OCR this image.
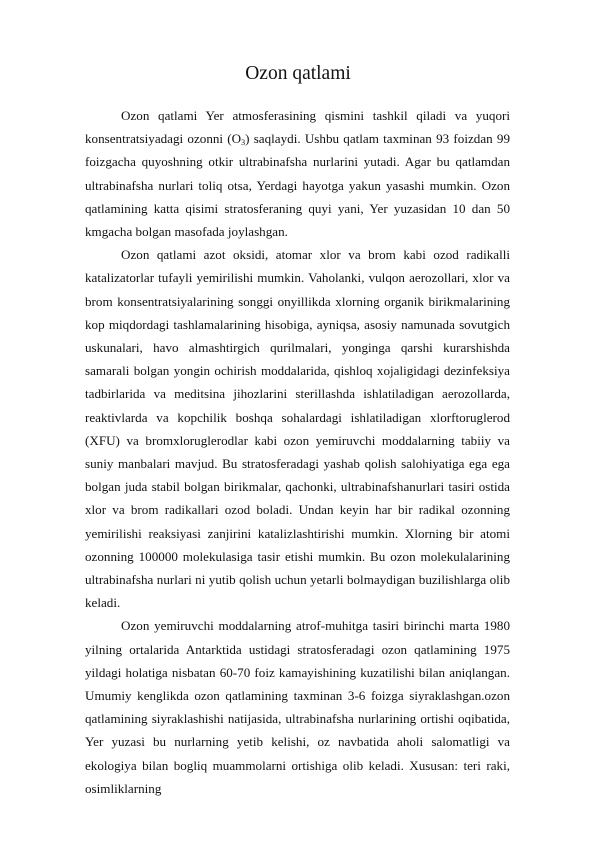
Ozon qatlami

Ozon qatlami Yer atmosferasining qismini tashkil qiladi va yuqori konsentratsiyadagi ozonni $(O_3)$ saqlaydi. Ushbu qatlam taxminan 93 foizdan 99 foizgacha quyoshning otkir ultrabinafsha nurlarini yutadi. Agar bu qatlamdan ultrabinafsha nurlari toliq otsa, Yerdagi hayotga yakun yasashi mumkin. Ozon qatlamining katta qisimi stratosferaning quyi yani, Yer yuzasidan 10 dan 50 kmgacha bolgan masofada joylashgan.

Ozon qatlami azot oksidi, atomar xlor va brom kabi ozod radikalli katalizatorlar tufayli yemirilishi mumkin. Vaholanki, vulqon aerozollari, xlor va brom konsentratsiyalarining songgi onyillikda xlorning organik birikmalarining kop miqdordagi tashlamalarining hisobiga, ayniqsa, asosiy namunada sovutgich uskunalari, havo almashtirgich qurilmalari, yonginga qarshi kurarshishda samarali bolgan yongin ochirish moddalarida, qishloq xojaligidagi dezinfeksiya tadbirlarida va meditsina jihozlarini sterillashda ishlatiladigan aerozollarda, reaktivlarda va kopchilik boshqa sohalardagi ishlatiladigan xlorftoruglerod (XFU) va bromxloruglerodlar kabi ozon yemiruvchi moddalarning tabiiy va suniy manbalari mavjud. Bu stratosferadagi yashab qolish salohiyatiga ega ega bolgan juda stabil bolgan birikmalar, qachonki, ultrabinafshanurlari tasiri ostida xlor va brom radikallari ozod boladi. Undan keyin har bir radikal ozonning yemirilishi reaksiyasi zanjirini katalizlashtirishi mumkin. Xlorning bir atomi ozonning 100000 molekulasiga tasir etishi mumkin. Bu ozon molekulalarining ultrabinafsha nurlari ni yutib qolish uchun yetarli bolmaydigan buzilishlarga olib keladi.

Ozon yemiruvchi moddalarning atrof-muhitga tasiri birinchi marta 1980 yilning ortalarida Antarktida ustidagi stratosferadagi ozon qatlamining 1975 yildagi holatiga nisbatan 60-70 foiz kamayishining kuzatilishi bilan aniqlangan. Umumiy kenglikda ozon qatlamining taxminan 3-6 foizga siyraklashgan.ozon qatlamining siyraklashishi natijasida, ultrabinafsha nurlarining ortishi oqibatida, Yer yuzasi bu nurlarning yetib kelishi, oz navbatida aholi salomatligi va ekologiya bilan bogliq muammolarni ortishiga olib keladi. Xususan: teri raki, osimliklarning
